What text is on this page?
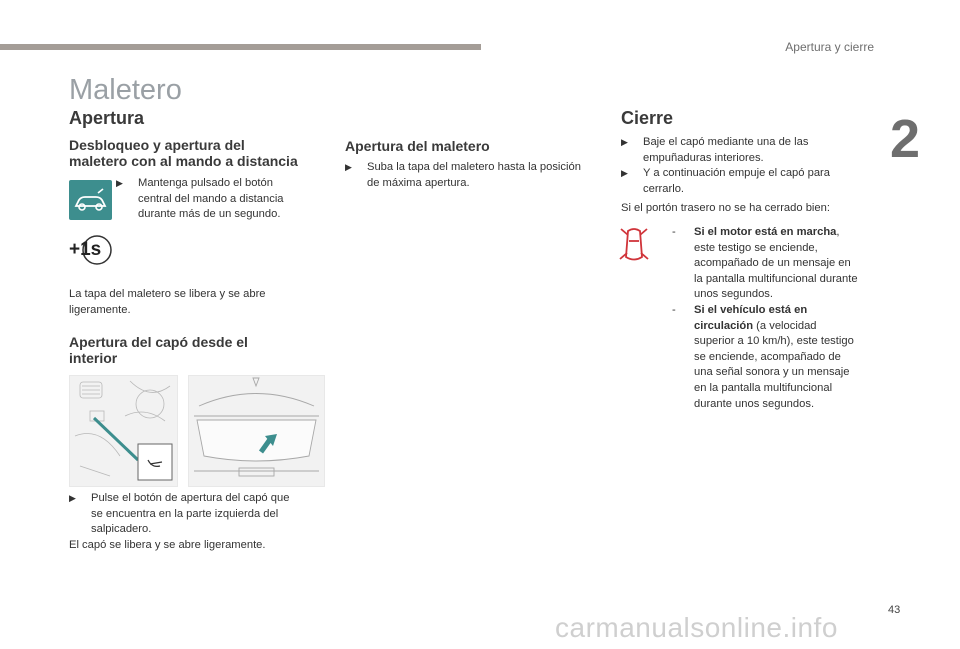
Apertura y cierre
2
Maletero
Apertura
Desbloqueo y apertura del
maletero con al mando a distancia
▶ Mantenga pulsado el botón
central del mando a distancia
durante más de un segundo.
+1s
La tapa del maletero se libera y se abre
ligeramente.
Apertura del capó desde el
interior
▶ Pulse el botón de apertura del capó que
se encuentra en la parte izquierda del
salpicadero.
El capó se libera y se abre ligeramente.
Apertura del maletero
▶ Suba la tapa del maletero hasta la posición
de máxima apertura.
Cierre
▶ Baje el capó mediante una de las
empuñaduras interiores.
▶ Y a continuación empuje el capó para
cerrarlo.
Si el portón trasero no se ha cerrado bien:
- Si el motor está en marcha,
este testigo se enciende,
acompañado de un mensaje en
la pantalla multifuncional durante
unos segundos.
- Si el vehículo está en
circulación (a velocidad
superior a 10 km/h), este testigo
se enciende, acompañado de
una señal sonora y un mensaje
en la pantalla multifuncional
durante unos segundos.
43
carmanualsonline.info
